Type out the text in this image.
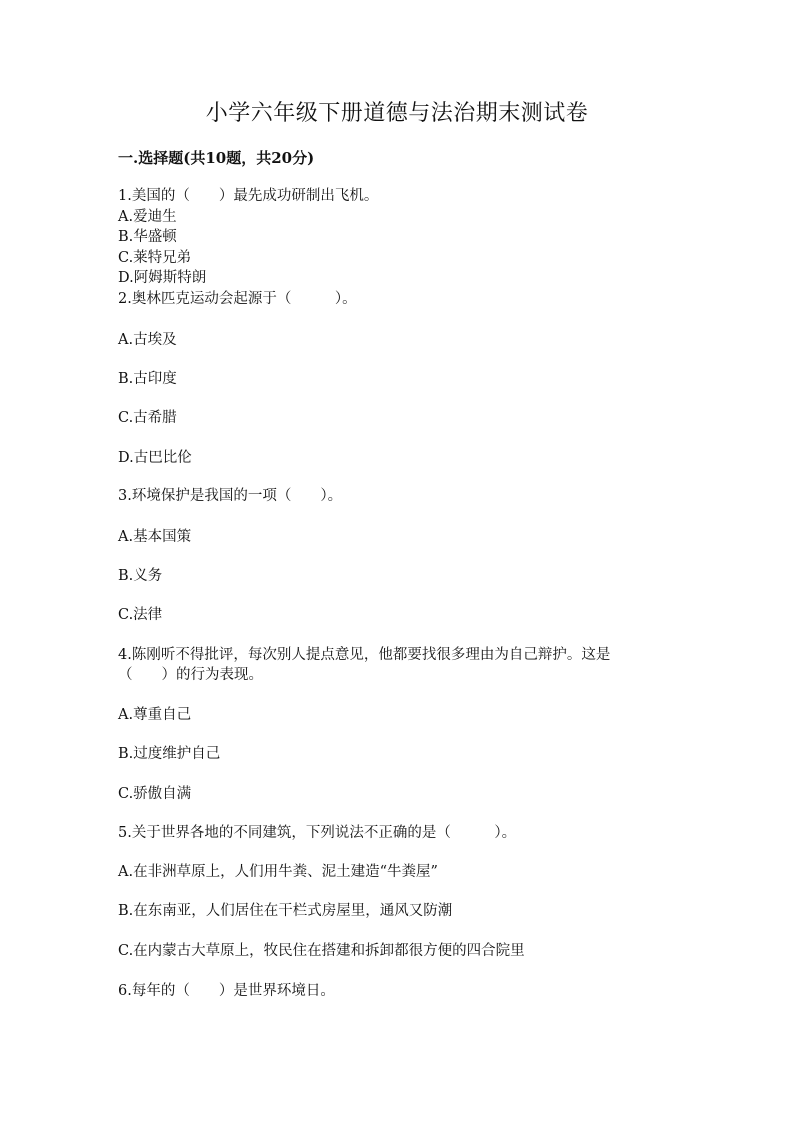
小学六年级下册道德与法治期末测试卷
一.选择题(共10题，共20分)
1.美国的（　　）最先成功研制出飞机。
A.爱迪生
B.华盛顿
C.莱特兄弟
D.阿姆斯特朗
2.奥林匹克运动会起源于（　　　）。
A.古埃及
B.古印度
C.古希腊
D.古巴比伦
3.环境保护是我国的一项（　　）。
A.基本国策
B.义务
C.法律
4.陈刚听不得批评，每次别人提点意见，他都要找很多理由为自己辩护。这是
（　　）的行为表现。
A.尊重自己
B.过度维护自己
C.骄傲自满
5.关于世界各地的不同建筑，下列说法不正确的是（　　　）。
A.在非洲草原上，人们用牛粪、泥土建造“牛粪屋”
B.在东南亚，人们居住在干栏式房屋里，通风又防潮
C.在内蒙古大草原上，牧民住在搭建和拆卸都很方便的四合院里
6.每年的（　　）是世界环境日。
